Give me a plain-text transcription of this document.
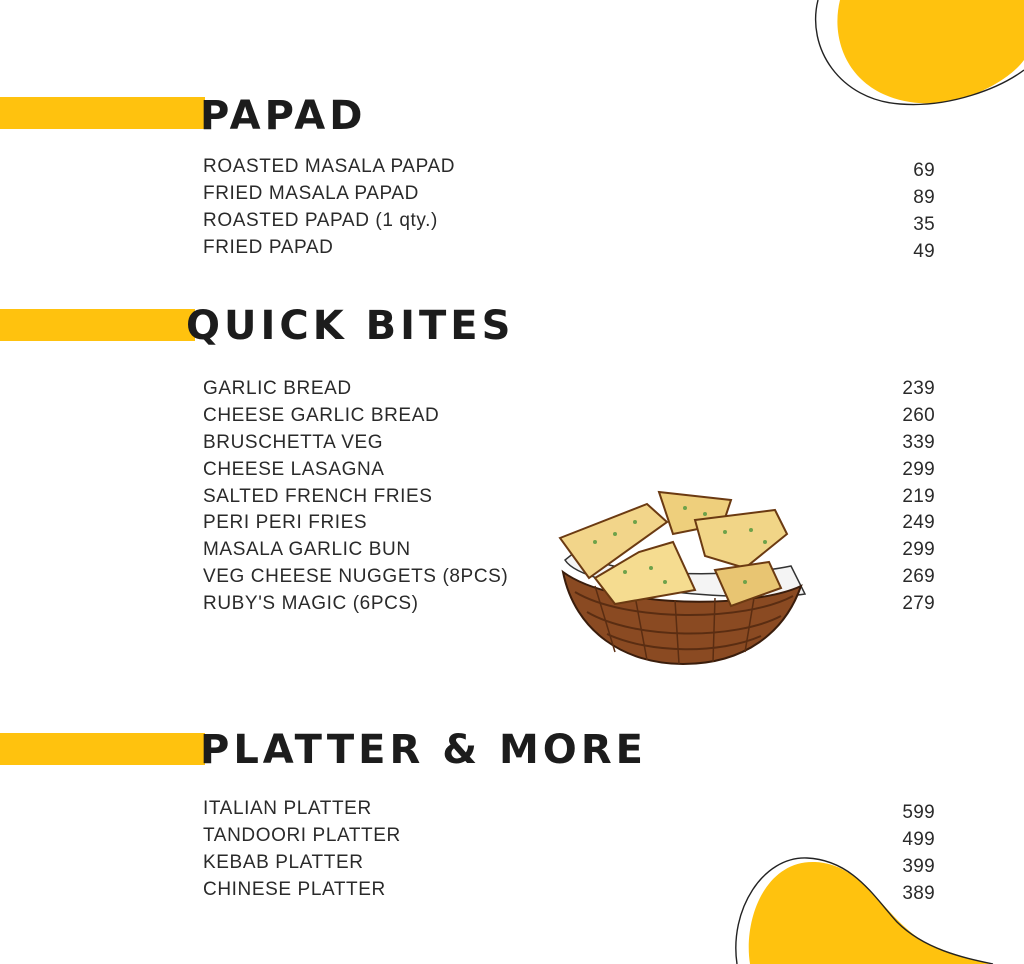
PAPAD
ROASTED MASALA PAPAD	69
FRIED MASALA PAPAD	89
ROASTED PAPAD (1 qty.)	35
FRIED PAPAD	49
QUICK BITES
GARLIC BREAD	239
CHEESE GARLIC BREAD	260
BRUSCHETTA VEG	339
CHEESE LASAGNA	299
SALTED FRENCH FRIES	219
PERI PERI FRIES	249
MASALA GARLIC BUN	299
VEG CHEESE NUGGETS (8PCS)	269
RUBY'S MAGIC (6PCS)	279
PLATTER & MORE
ITALIAN PLATTER	599
TANDOORI PLATTER	499
KEBAB PLATTER	399
CHINESE PLATTER	389
